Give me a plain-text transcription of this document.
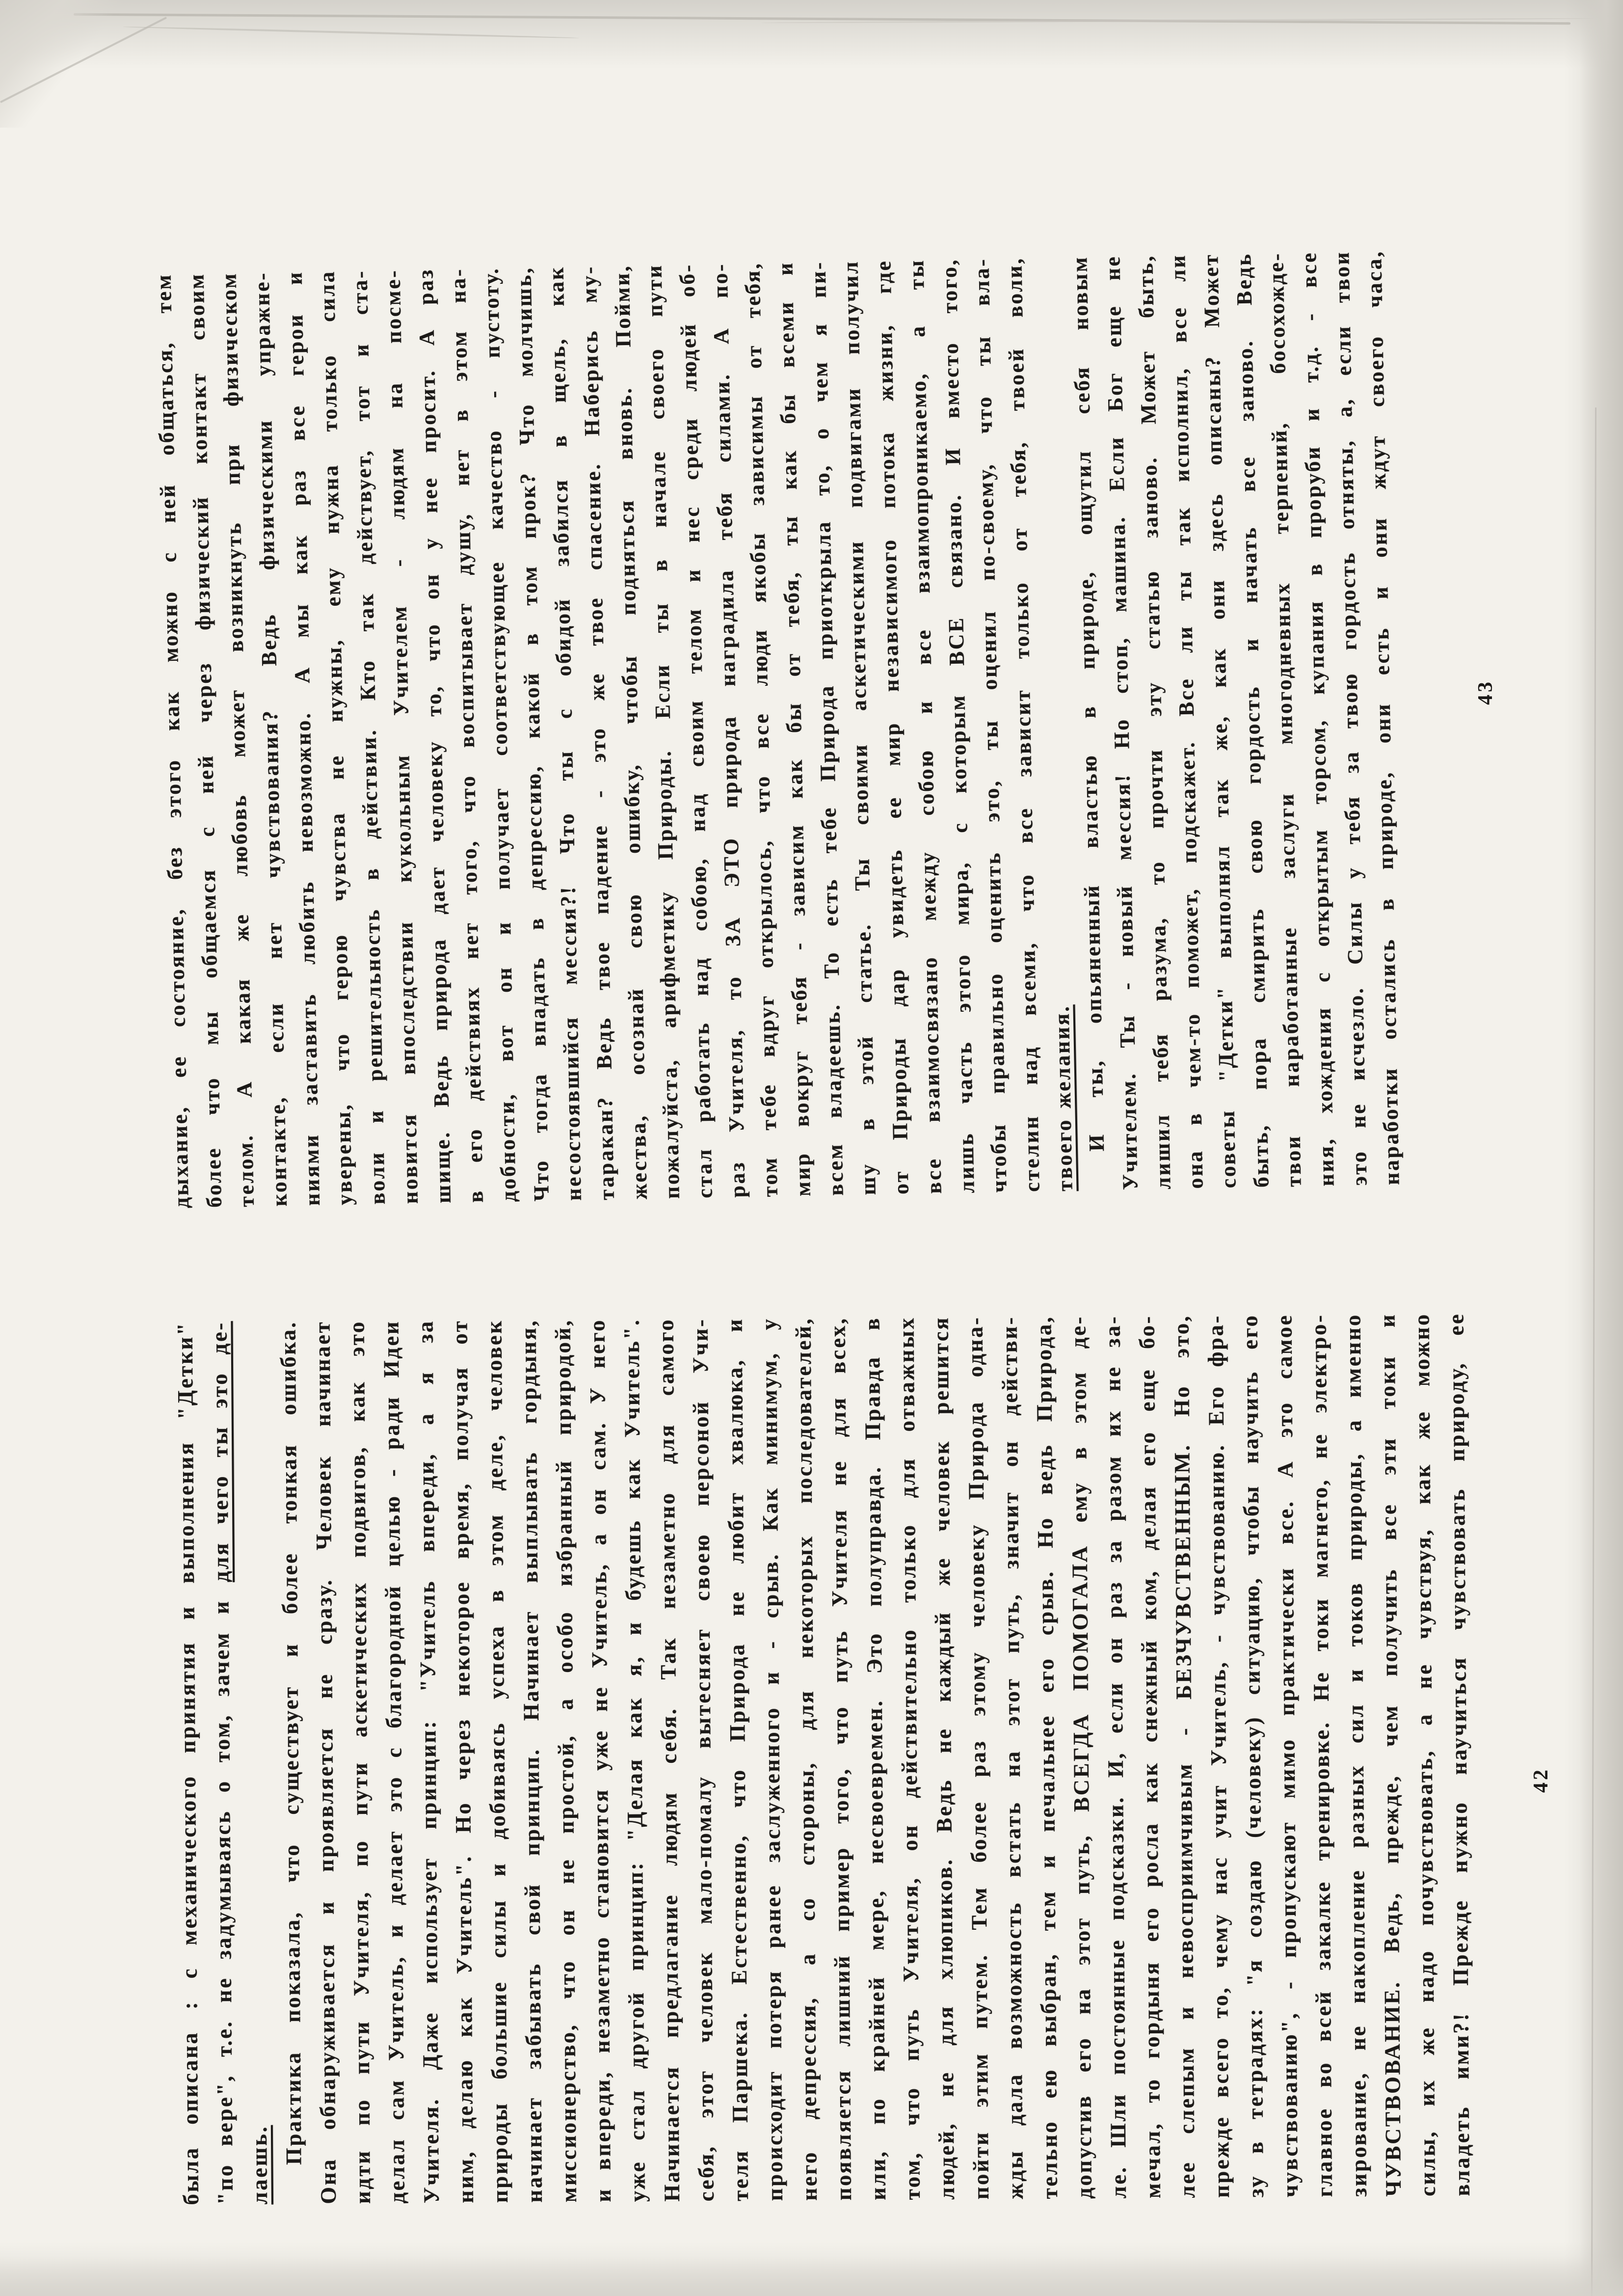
дыхание, ее состояние, без этого как можно с ней общаться, тем
более что мы общаемся с ней через физический контакт своим
телом. А какая же любовь может возникнуть при физическом
контакте, если нет чувствования? Ведь физическими упражне-
ниями заставить любить невозможно. А мы как раз все герои и
уверены, что герою чувства не нужны, ему нужна только сила
воли и решительность в действии. Кто так действует, тот и ста-
новится впоследствии кукольным Учителем - людям на посме-
шище. Ведь природа дает человеку то, что он у нее просит. А раз
в его действиях нет того, что воспитывает душу, нет в этом на-
добности, вот он и получает соответствующее качество - пустоту.
Что тогда впадать в депрессию, какой в том прок? Что молчишь,
несостоявшийся мессия?! Что ты с обидой забился в щель, как
таракан? Ведь твое падение - это же твое спасение. Наберись му-
жества, осознай свою ошибку, чтобы подняться вновь. Пойми,
пожалуйста, арифметику Природы. Если ты в начале своего пути
стал работать над собою, над своим телом и нес среди людей об-
раз Учителя, то ЗА ЭТО природа наградила тебя силами. А по-
том тебе вдруг открылось, что все люди якобы зависимы от тебя,
мир вокруг тебя - зависим как бы от тебя, ты как бы всеми и
всем владеешь. То есть тебе Природа приоткрыла то, о чем я пи-
шу в этой статье. Ты своими аскетическими подвигами получил
от Природы дар увидеть ее мир независимого потока жизни, где
все взаимосвязано между собою и все взаимопроникаемо, а ты
лишь часть этого мира, с которым ВСЕ связано. И вместо того,
чтобы правильно оценить это, ты оценил по-своему, что ты вла-
стелин над всеми, что все зависит только от тебя, твоей воли, твоего желания.
И ты, опьяненный властью в природе, ощутил себя новым
Учителем. Ты - новый мессия! Но стоп, машина. Если Бог еще не
лишил тебя разума, то прочти эту статью заново. Может быть,
она в чем-то поможет, подскажет. Все ли ты так исполнил, все ли
советы "Детки" выполнял так же, как они здесь описаны? Может
быть, пора смирить свою гордость и начать все заново. Ведь
твои наработанные заслуги многодневных терпений, босохожде-
ния, хождения с открытым торсом, купания в проруби и т.д. - все
это не исчезло. Силы у тебя за твою гордость отняты, а, если твои
наработки остались в природе, они есть и они ждут своего часа,
была описана : с механического принятия и выполнения "Детки" "по вере", т.е. не задумываясь о том, зачем и для чего ты это де-
лаешь. Практика показала, что существует и более тонкая ошибка. Она обнаруживается и проявляется не сразу. Человек начинает идти по пути Учителя, по пути аскетических подвигов, как это делал сам Учитель, и делает это с благородной целью - ради Идеи Учителя. Даже использует принцип: "Учитель впереди, а я за ним, делаю как Учитель". Но через некоторое время, получая от природы большие силы и добиваясь успеха в этом деле, человек начинает забывать свой принцип. Начинает выплывать гордыня, миссионерство, что он не простой, а особо избранный природой, и впереди, незаметно становится уже не Учитель, а он сам. У него уже стал другой принцип: "Делая как я, и будешь как Учитель". Начинается предлагание людям себя. Так незаметно для самого себя, этот человек мало-помалу вытесняет своею персоной Учи- теля Паршека. Естественно, что Природа не любит хвалюка, и происходит потеря ранее заслуженного и - срыв. Как минимум, у него депрессия, а со стороны, для некоторых последователей, появляется лишний пример того, что путь Учителя не для всех, или, по крайней мере, несвоевремен. Это полуправда. Правда в том, что путь Учителя, он действительно только для отважных людей, не для хлюпиков. Ведь не каждый же человек решится пойти этим путем. Тем более раз этому человеку Природа одна- жды дала возможность встать на этот путь, значит он действи- тельно ею выбран, тем и печальнее его срыв. Но ведь Природа, допустив его на этот путь, ВСЕГДА ПОМОГАЛА ему в этом де- ле. Шли постоянные подсказки. И, если он раз за разом их не за- мечал, то гордыня его росла как снежный ком, делая его еще бо- лее слепым и невосприимчивым - БЕЗЧУВСТВЕННЫМ. Но это, прежде всего то, чему нас учит Учитель, - чувствованию. Его фра- зу в тетрадях: "я создаю (человеку) ситуацию, чтобы научить его чувствованию", - пропускают мимо практически все. А это самое главное во всей закалке тренировке. Не токи магнето, не электро- зирование, не накопление разных сил и токов природы, а именно ЧУВСТВОВАНИЕ. Ведь, прежде, чем получить все эти токи и силы, их же надо почувствовать, а не чувствуя, как же можно владеть ими?! Прежде нужно научиться чувствовать природу, ее
43
42
